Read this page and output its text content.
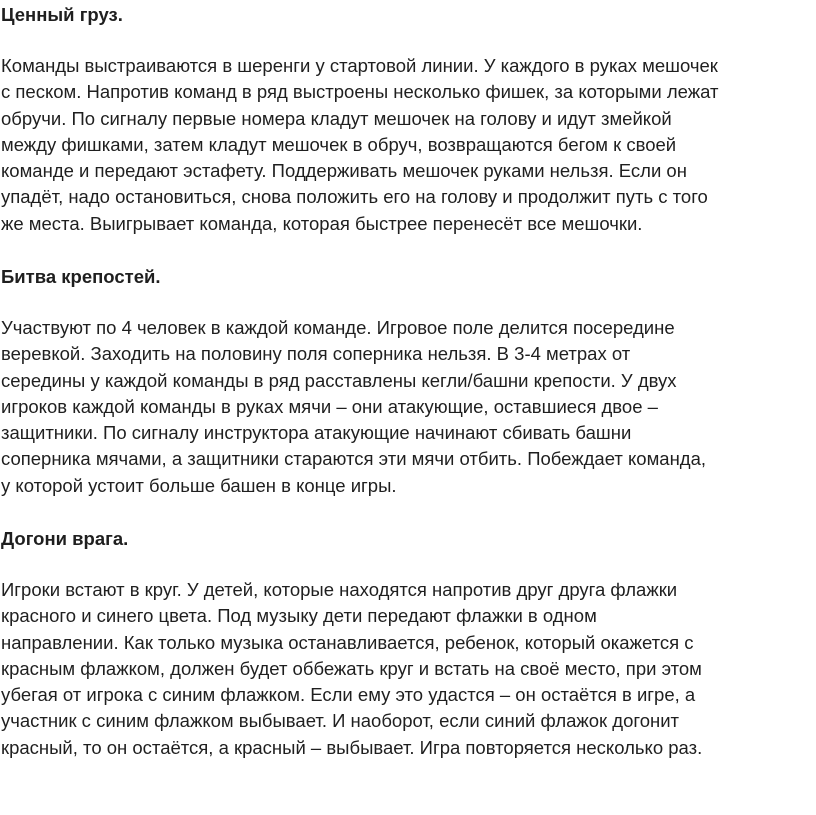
Ценный груз.

Команды выстраиваются в шеренги у стартовой линии. У каждого в руках мешочек
с песком. Напротив команд в ряд выстроены несколько фишек, за которыми лежат
обручи. По сигналу первые номера кладут мешочек на голову и идут змейкой
между фишками, затем кладут мешочек в обруч, возвращаются бегом к своей
команде и передают эстафету. Поддерживать мешочек руками нельзя. Если он
упадёт, надо остановиться, снова положить его на голову и продолжит путь с того
же места. Выигрывает команда, которая быстрее перенесёт все мешочки.

Битва крепостей.

Участвуют по 4 человек в каждой команде. Игровое поле делится посередине
веревкой. Заходить на половину поля соперника нельзя. В 3-4 метрах от
середины у каждой команды в ряд расставлены кегли/башни крепости. У двух
игроков каждой команды в руках мячи – они атакующие, оставшиеся двое –
защитники. По сигналу инструктора атакующие начинают сбивать башни
соперника мячами, а защитники стараются эти мячи отбить. Побеждает команда,
у которой устоит больше башен в конце игры.

Догони врага.

Игроки встают в круг. У детей, которые находятся напротив друг друга флажки
красного и синего цвета. Под музыку дети передают флажки в одном
направлении. Как только музыка останавливается, ребенок, который окажется с
красным флажком, должен будет оббежать круг и встать на своё место, при этом
убегая от игрока с синим флажком. Если ему это удастся – он остаётся в игре, а
участник с синим флажком выбывает. И наоборот, если синий флажок догонит
красный, то он остаётся, а красный – выбывает. Игра повторяется несколько раз.
